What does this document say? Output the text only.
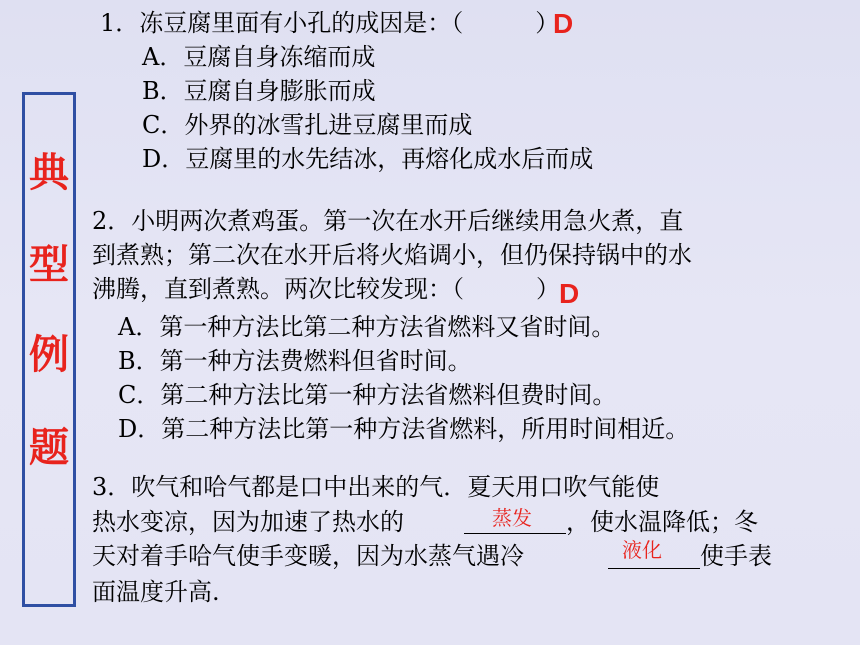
典
型
例
题
1．冻豆腐里面有小孔的成因是：（　　　）
D
A．豆腐自身冻缩而成
B．豆腐自身膨胀而成
C．外界的冰雪扎进豆腐里而成
D．豆腐里的水先结冰，再熔化成水后而成
2．小明两次煮鸡蛋。第一次在水开后继续用急火煮，直
到煮熟；第二次在水开后将火焰调小，但仍保持锅中的水
沸腾，直到煮熟。两次比较发现：（　　　） D
A．第一种方法比第二种方法省燃料又省时间。
B．第一种方法费燃料但省时间。
C．第二种方法比第一种方法省燃料但费时间。
D．第二种方法比第一种方法省燃料，所用时间相近。
3．吹气和哈气都是口中出来的气．夏天用口吹气能使
热水变凉，因为加速了热水的	蒸发 ，使水温降低；冬
天对着手哈气使手变暖，因为水蒸气遇冷	液化 使手表
面温度升高.
